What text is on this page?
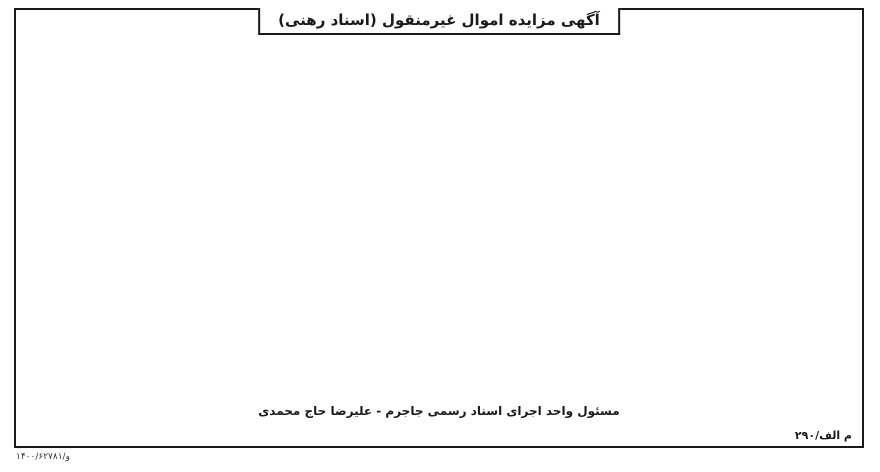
آگهی مزایده اموال غیرمنقول (اسناد رهنی)
مسئول واحد اجرای اسناد رسمی جاجرم - علیرضا حاج محمدی
م الف/۲۹۰
۱۴۰۰/۶۲۷۸۱/و
